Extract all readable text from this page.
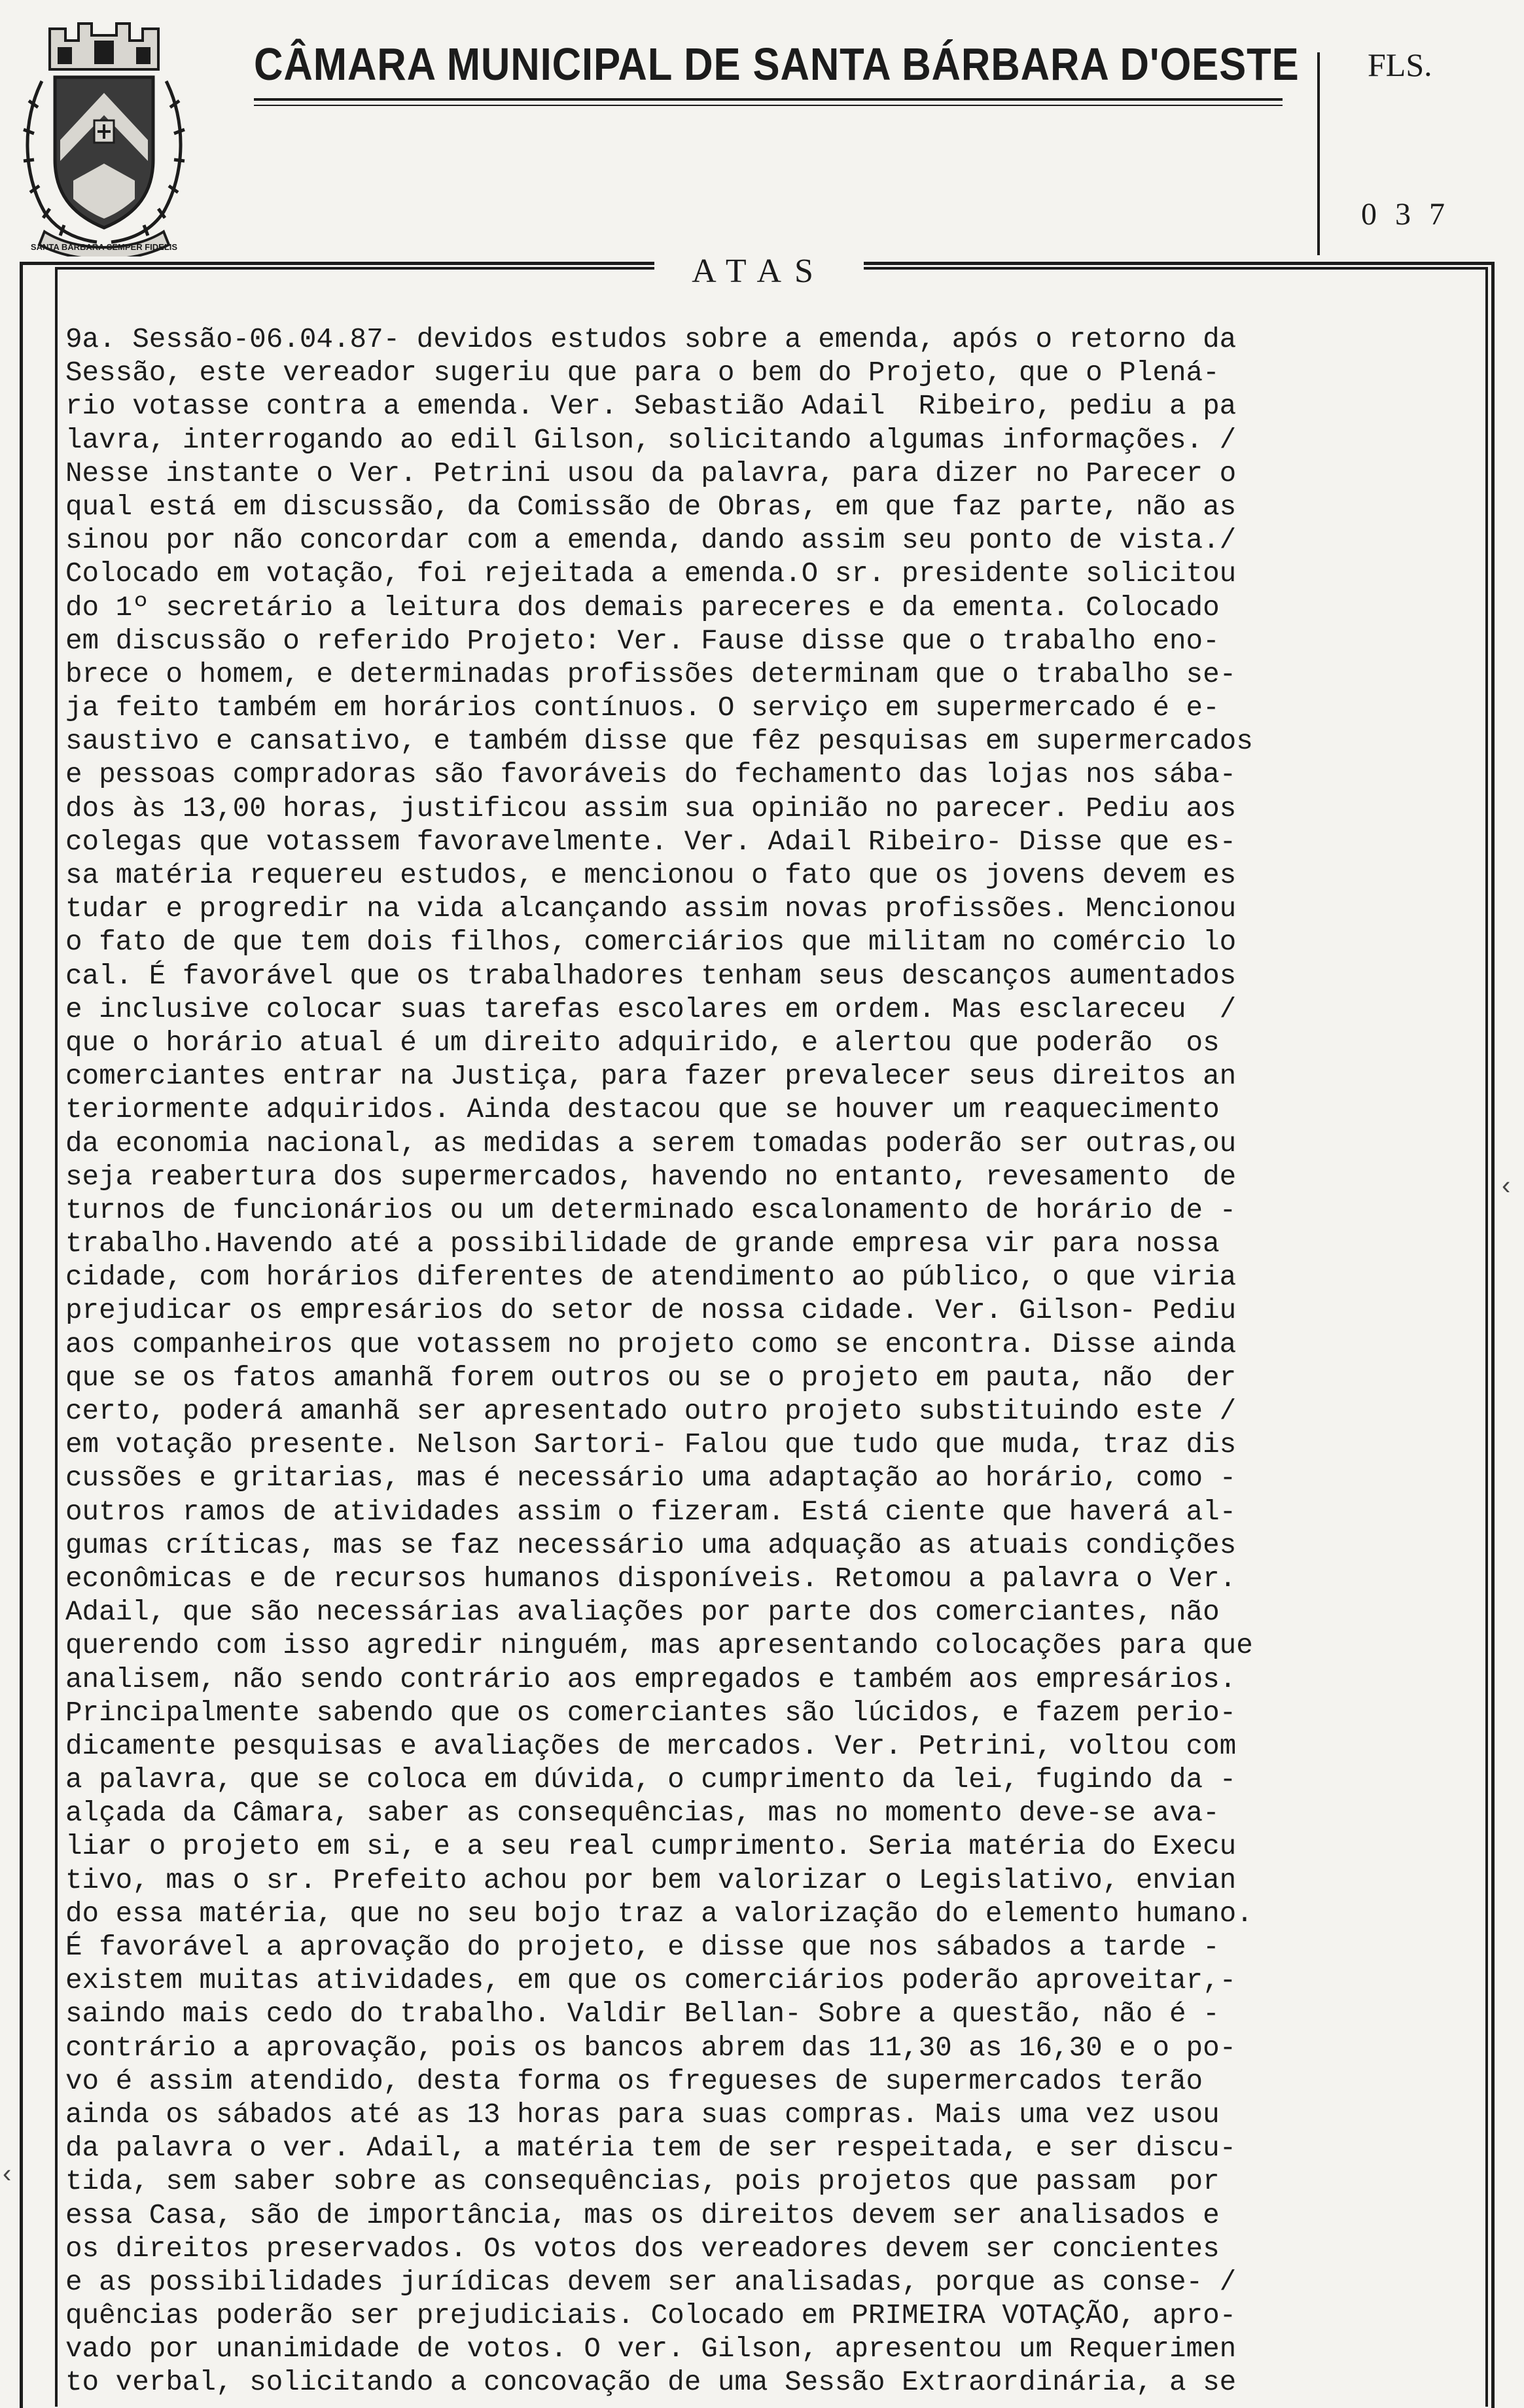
SANTA BARBARA SEMPER FIDELIS
CÂMARA MUNICIPAL DE SANTA BÁRBARA D'OESTE FLS.
037
ATAS
9a. Sessão-06.04.87- devidos estudos sobre a emenda, após o retorno da
Sessão, este vereador sugeriu que para o bem do Projeto, que o Plená-
rio votasse contra a emenda. Ver. Sebastião Adail  Ribeiro, pediu a pa
lavra, interrogando ao edil Gilson, solicitando algumas informações. /
Nesse instante o Ver. Petrini usou da palavra, para dizer no Parecer o
qual está em discussão, da Comissão de Obras, em que faz parte, não as
sinou por não concordar com a emenda, dando assim seu ponto de vista./
Colocado em votação, foi rejeitada a emenda.O sr. presidente solicitou
do 1º secretário a leitura dos demais pareceres e da ementa. Colocado
em discussão o referido Projeto: Ver. Fause disse que o trabalho eno-
brece o homem, e determinadas profissões determinam que o trabalho se-
ja feito também em horários contínuos. O serviço em supermercado é e-
saustivo e cansativo, e também disse que fêz pesquisas em supermercados
e pessoas compradoras são favoráveis do fechamento das lojas nos sába-
dos às 13,00 horas, justificou assim sua opinião no parecer. Pediu aos
colegas que votassem favoravelmente. Ver. Adail Ribeiro- Disse que es-
sa matéria requereu estudos, e mencionou o fato que os jovens devem es
tudar e progredir na vida alcançando assim novas profissões. Mencionou
o fato de que tem dois filhos, comerciários que militam no comércio lo
cal. É favorável que os trabalhadores tenham seus descanços aumentados
e inclusive colocar suas tarefas escolares em ordem. Mas esclareceu  /
que o horário atual é um direito adquirido, e alertou que poderão  os
comerciantes entrar na Justiça, para fazer prevalecer seus direitos an
teriormente adquiridos. Ainda destacou que se houver um reaquecimento
da economia nacional, as medidas a serem tomadas poderão ser outras,ou
seja reabertura dos supermercados, havendo no entanto, revesamento  de
turnos de funcionários ou um determinado escalonamento de horário de -
trabalho.Havendo até a possibilidade de grande empresa vir para nossa
cidade, com horários diferentes de atendimento ao público, o que viria
prejudicar os empresários do setor de nossa cidade. Ver. Gilson- Pediu
aos companheiros que votassem no projeto como se encontra. Disse ainda
que se os fatos amanhã forem outros ou se o projeto em pauta, não  der
certo, poderá amanhã ser apresentado outro projeto substituindo este /
em votação presente. Nelson Sartori- Falou que tudo que muda, traz dis
cussões e gritarias, mas é necessário uma adaptação ao horário, como -
outros ramos de atividades assim o fizeram. Está ciente que haverá al-
gumas críticas, mas se faz necessário uma adquação as atuais condições
econômicas e de recursos humanos disponíveis. Retomou a palavra o Ver.
Adail, que são necessárias avaliações por parte dos comerciantes, não
querendo com isso agredir ninguém, mas apresentando colocações para que
analisem, não sendo contrário aos empregados e também aos empresários.
Principalmente sabendo que os comerciantes são lúcidos, e fazem perio-
dicamente pesquisas e avaliações de mercados. Ver. Petrini, voltou com
a palavra, que se coloca em dúvida, o cumprimento da lei, fugindo da -
alçada da Câmara, saber as consequências, mas no momento deve-se ava-
liar o projeto em si, e a seu real cumprimento. Seria matéria do Execu
tivo, mas o sr. Prefeito achou por bem valorizar o Legislativo, envian
do essa matéria, que no seu bojo traz a valorização do elemento humano.
É favorável a aprovação do projeto, e disse que nos sábados a tarde -
existem muitas atividades, em que os comerciários poderão aproveitar,-
saindo mais cedo do trabalho. Valdir Bellan- Sobre a questão, não é -
contrário a aprovação, pois os bancos abrem das 11,30 as 16,30 e o po-
vo é assim atendido, desta forma os fregueses de supermercados terão
ainda os sábados até as 13 horas para suas compras. Mais uma vez usou
da palavra o ver. Adail, a matéria tem de ser respeitada, e ser discu-
tida, sem saber sobre as consequências, pois projetos que passam  por
essa Casa, são de importância, mas os direitos devem ser analisados e
os direitos preservados. Os votos dos vereadores devem ser concientes
e as possibilidades jurídicas devem ser analisadas, porque as conse- /
quências poderão ser prejudiciais. Colocado em PRIMEIRA VOTAÇÃO, apro-
vado por unanimidade de votos. O ver. Gilson, apresentou um Requerimen
to verbal, solicitando a concovação de uma Sessão Extraordinária, a se
‹
‹
